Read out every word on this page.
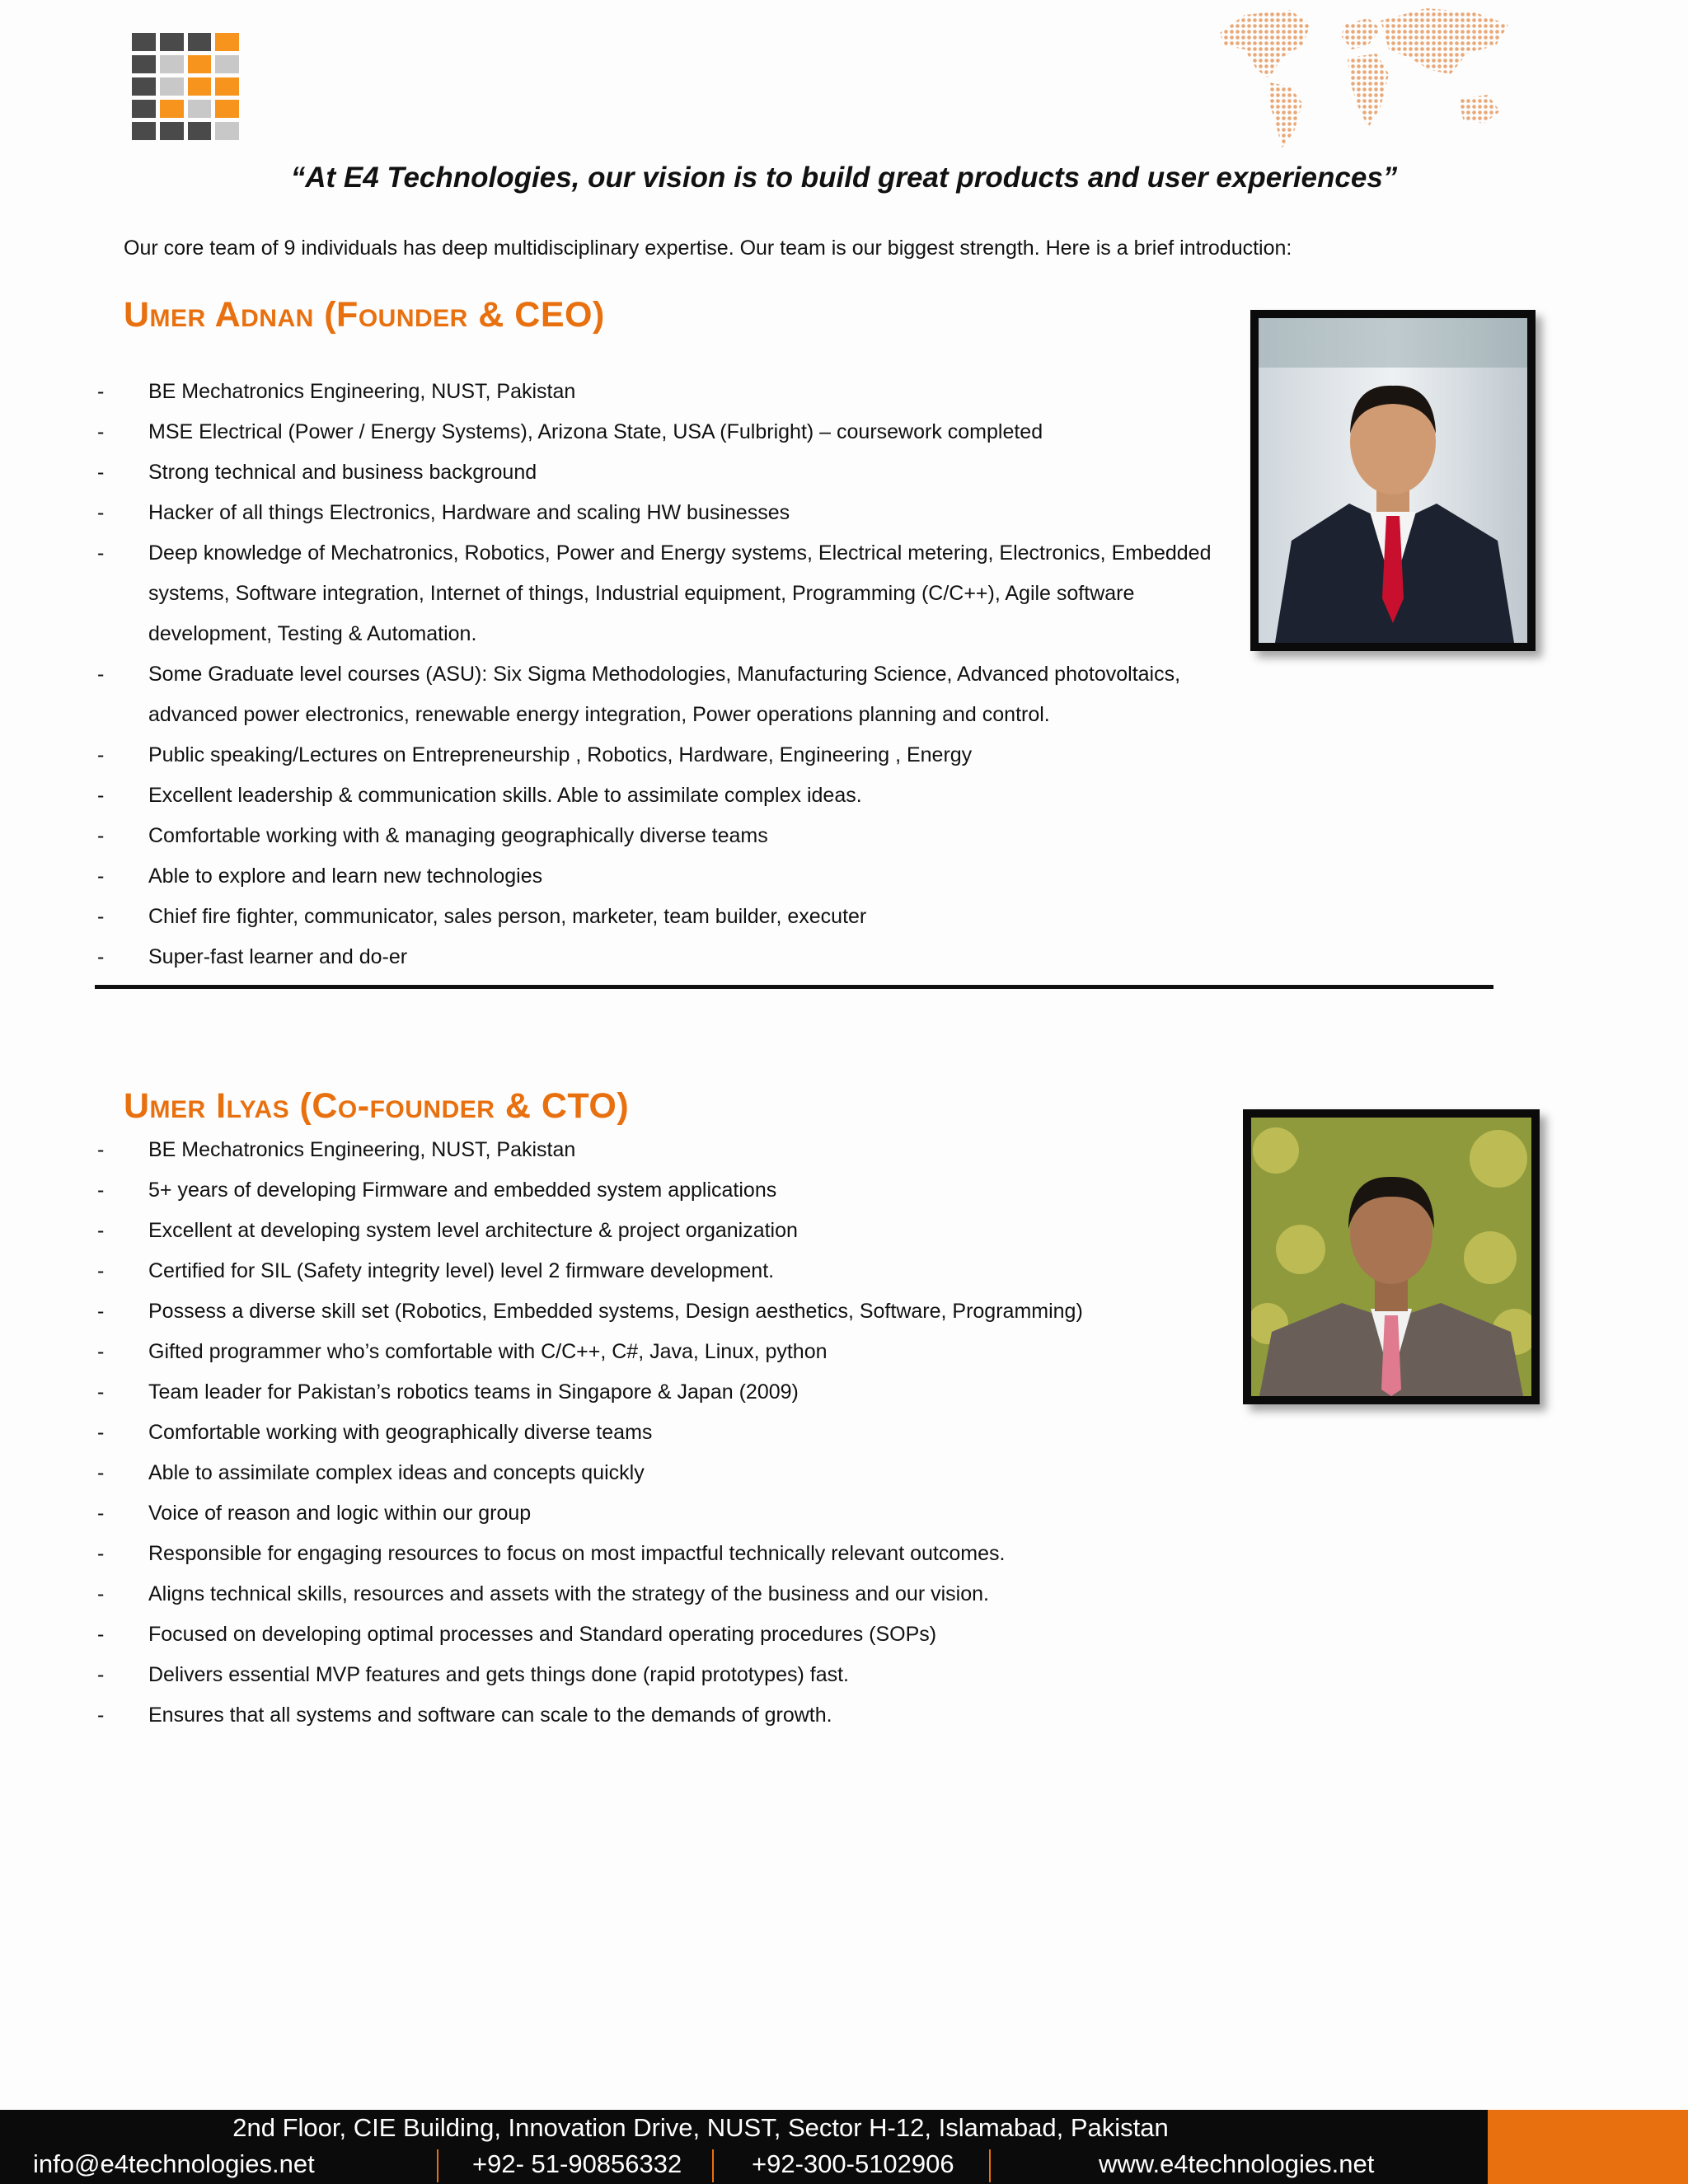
“At E4 Technologies, our vision is to build great products and user experiences”
Our core team of 9 individuals has deep multidisciplinary expertise. Our team is our biggest strength. Here is a brief introduction:
Umer Adnan (Founder & CEO)
- BE Mechatronics Engineering, NUST, Pakistan
- MSE Electrical (Power / Energy Systems), Arizona State, USA (Fulbright) – coursework completed
- Strong technical and business background
- Hacker of all things Electronics, Hardware and scaling HW businesses
- Deep knowledge of Mechatronics, Robotics, Power and Energy systems, Electrical metering, Electronics, Embedded systems, Software integration, Internet of things, Industrial equipment, Programming (C/C++), Agile software development, Testing & Automation.
- Some Graduate level courses (ASU): Six Sigma Methodologies, Manufacturing Science, Advanced photovoltaics, advanced power electronics, renewable energy integration, Power operations planning and control.
- Public speaking/Lectures on Entrepreneurship , Robotics, Hardware, Engineering , Energy
- Excellent leadership & communication skills. Able to assimilate complex ideas.
- Comfortable working with & managing geographically diverse teams
- Able to explore and learn new technologies
- Chief fire fighter, communicator, sales person, marketer, team builder, executer
- Super-fast learner and do-er
Umer Ilyas (Co-founder & CTO)
- BE Mechatronics Engineering, NUST, Pakistan
- 5+ years of developing Firmware and embedded system applications
- Excellent at developing system level architecture & project organization
- Certified for SIL (Safety integrity level) level 2 firmware development.
- Possess a diverse skill set (Robotics, Embedded systems, Design aesthetics, Software, Programming)
- Gifted programmer who’s comfortable with C/C++, C#, Java, Linux, python
- Team leader for Pakistan’s robotics teams in Singapore & Japan (2009)
- Comfortable working with geographically diverse teams
- Able to assimilate complex ideas and concepts quickly
- Voice of reason and logic within our group
- Responsible for engaging resources to focus on most impactful technically relevant outcomes.
- Aligns technical skills, resources and assets with the strategy of the business and our vision.
- Focused on developing optimal processes and Standard operating procedures (SOPs)
- Delivers essential MVP features and gets things done (rapid prototypes) fast.
- Ensures that all systems and software can scale to the demands of growth.
2nd Floor, CIE Building, Innovation Drive, NUST, Sector H-12, Islamabad, Pakistan
info@e4technologies.net	+92- 51-90856332	+92-300-5102906	www.e4technologies.net
